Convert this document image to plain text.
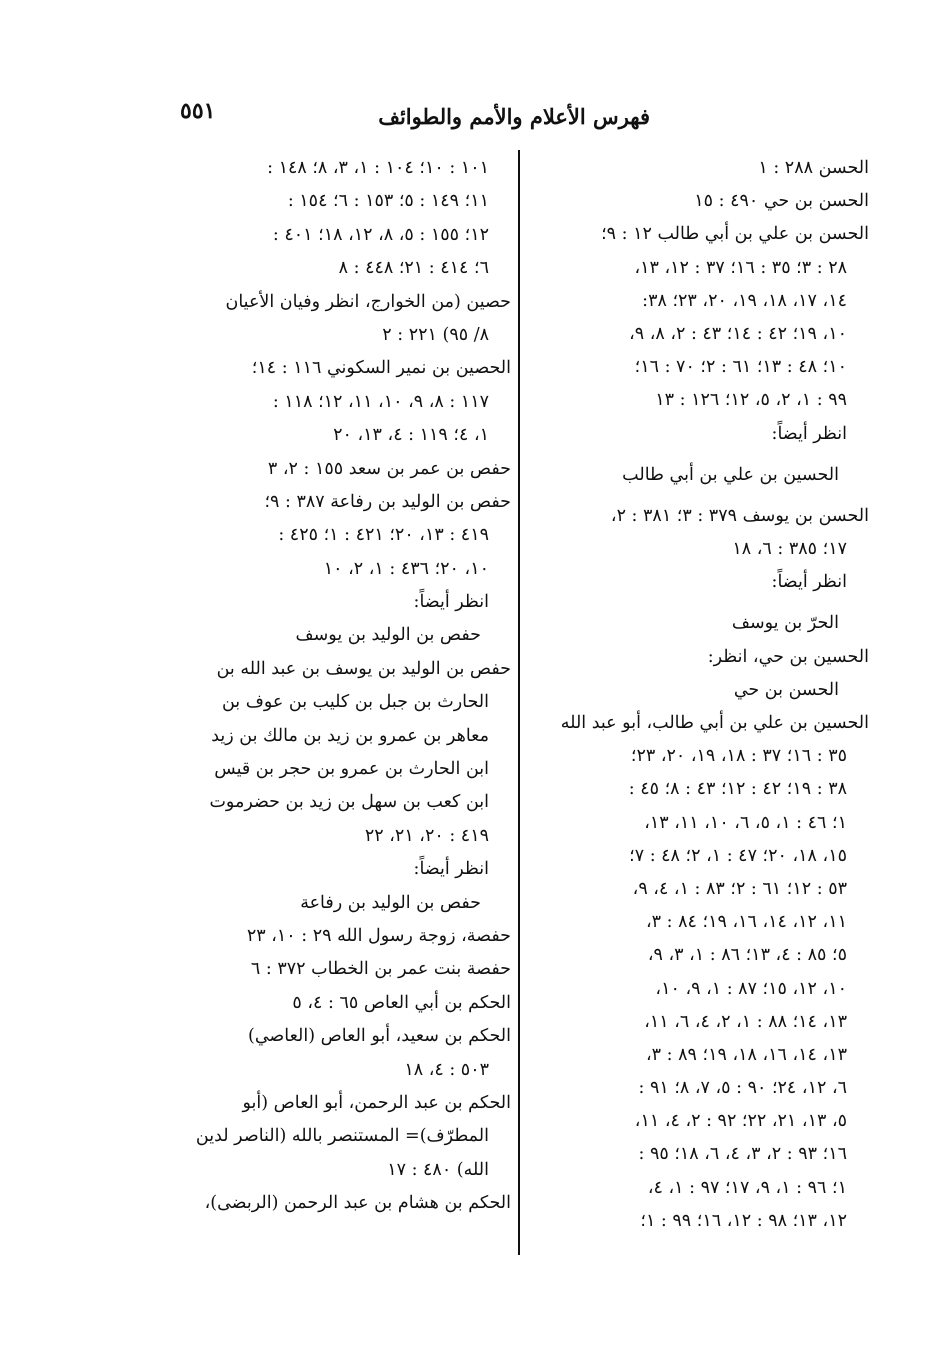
فهرس الأعلام والأمم والطوائف
٥٥١
الحسن ٢٨٨ : ١
الحسن بن حي ٤٩٠ : ١٥
الحسن بن علي بن أبي طالب ١٢ : ٩؛
٢٨ : ٣؛ ٣٥ : ١٦؛ ٣٧ : ١٢، ١٣،
١٤، ١٧، ١٨، ١٩، ٢٠، ٢٣؛ ٣٨:
١٠، ١٩؛ ٤٢ : ١٤؛ ٤٣ : ٢، ٨، ٩،
١٠؛ ٤٨ : ١٣؛ ٦١ : ٢؛ ٧٠ : ١٦؛
٩٩ : ١، ٢، ٥، ١٢؛ ١٢٦ : ١٣
انظر أيضاً:
الحسين بن علي بن أبي طالب
الحسن بن يوسف ٣٧٩ : ٣؛ ٣٨١ : ٢،
١٧؛ ٣٨٥ : ٦، ١٨
انظر أيضاً:
الحرّ بن يوسف
الحسين بن حي، انظر:
الحسن بن حي
الحسين بن علي بن أبي طالب، أبو عبد الله
٣٥ : ١٦؛ ٣٧ : ١٨، ١٩، ٢٠، ٢٣؛
٣٨ : ١٩؛ ٤٢ : ١٢؛ ٤٣ : ٨؛ ٤٥ :
١؛ ٤٦ : ١، ٥، ٦، ١٠، ١١، ١٣،
١٥، ١٨، ٢٠؛ ٤٧ : ١، ٢؛ ٤٨ : ٧؛
٥٣ : ١٢؛ ٦١ : ٢؛ ٨٣ : ١، ٤، ٩،
١١، ١٢، ١٤، ١٦، ١٩؛ ٨٤ : ٣،
٥؛ ٨٥ : ٤، ١٣؛ ٨٦ : ١، ٣، ٩،
١٠، ١٢، ١٥؛ ٨٧ : ١، ٩، ١٠،
١٣، ١٤؛ ٨٨ : ١، ٢، ٤، ٦، ١١،
١٣، ١٤، ١٦، ١٨، ١٩؛ ٨٩ : ٣،
٦، ١٢، ٢٤؛ ٩٠ : ٥، ٧، ٨؛ ٩١ :
٥، ١٣، ٢١، ٢٢؛ ٩٢ : ٢، ٤، ١١،
١٦؛ ٩٣ : ٢، ٣، ٤، ٦، ١٨؛ ٩٥ :
١؛ ٩٦ : ١، ٩، ١٧؛ ٩٧ : ١، ٤،
١٢، ١٣؛ ٩٨ : ١٢، ١٦؛ ٩٩ : ١؛
١٠١ : ١٠؛ ١٠٤ : ١، ٣، ٨؛ ١٤٨ :
١١؛ ١٤٩ : ٥؛ ١٥٣ : ٦؛ ١٥٤ :
١٢؛ ١٥٥ : ٥، ٨، ١٢، ١٨؛ ٤٠١ :
٦؛ ٤١٤ : ٢١؛ ٤٤٨ : ٨
حصين (من الخوارج، انظر وفيان الأعيان
٨/ ٩٥) ٢٢١ : ٢
الحصين بن نمير السكوني ١١٦ : ١٤؛
١١٧ : ٨، ٩، ١٠، ١١، ١٢؛ ١١٨ :
١، ٤؛ ١١٩ : ٤، ١٣، ٢٠
حفص بن عمر بن سعد ١٥٥ : ٢، ٣
حفص بن الوليد بن رفاعة ٣٨٧ : ٩؛
٤١٩ : ١٣، ٢٠؛ ٤٢١ : ١؛ ٤٢٥ :
١٠، ٢٠؛ ٤٣٦ : ١، ٢، ١٠
انظر أيضاً:
حفص بن الوليد بن يوسف
حفص بن الوليد بن يوسف بن عبد الله بن
الحارث بن جبل بن كليب بن عوف بن
معاهر بن عمرو بن زيد بن مالك بن زيد
ابن الحارث بن عمرو بن حجر بن قيس
ابن كعب بن سهل بن زيد بن حضرموت
٤١٩ : ٢٠، ٢١، ٢٢
انظر أيضاً:
حفص بن الوليد بن رفاعة
حفصة، زوجة رسول الله ٢٩ : ١٠، ٢٣
حفصة بنت عمر بن الخطاب ٣٧٢ : ٦
الحكم بن أبي العاص ٦٥ : ٤، ٥
الحكم بن سعيد، أبو العاص (العاصي)
٥٠٣ : ٤، ١٨
الحكم بن عبد الرحمن، أبو العاص (أبو
المطرّف)= المستنصر بالله (الناصر لدين
الله) ٤٨٠ : ١٧
الحكم بن هشام بن عبد الرحمن (الربضى)،
